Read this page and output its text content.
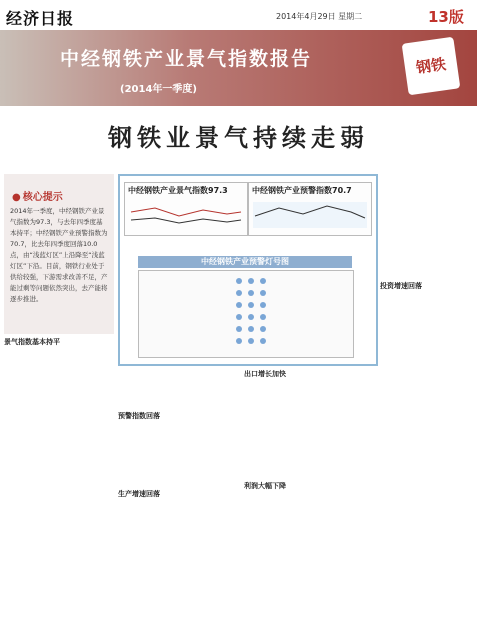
经济日报	2014年4月29日 星期二	13版
中经钢铁产业景气指数报告
(2014年一季度)
钢铁
钢铁业景气持续走弱
● 核心提示
2014年一季度，中经钢铁产业景气指数为97.3，与去年四季度基本持平；中经钢铁产业预警指数为70.7，比去年四季度回落10.0点，由“浅蓝灯区”上沿降至“浅蓝灯区”下沿。目前，钢铁行业处于供给较强，下游需求改善不足，产能过剩等问题依然突出，去产能将逐步推进。
中经钢铁产业景气指数97.3	中经钢铁产业预警指数70.7
中经钢铁产业预警灯号图
景气指数基本持平
预警指数回落
生产增速回落
出口增长加快
利润大幅下降
投资增速回落
